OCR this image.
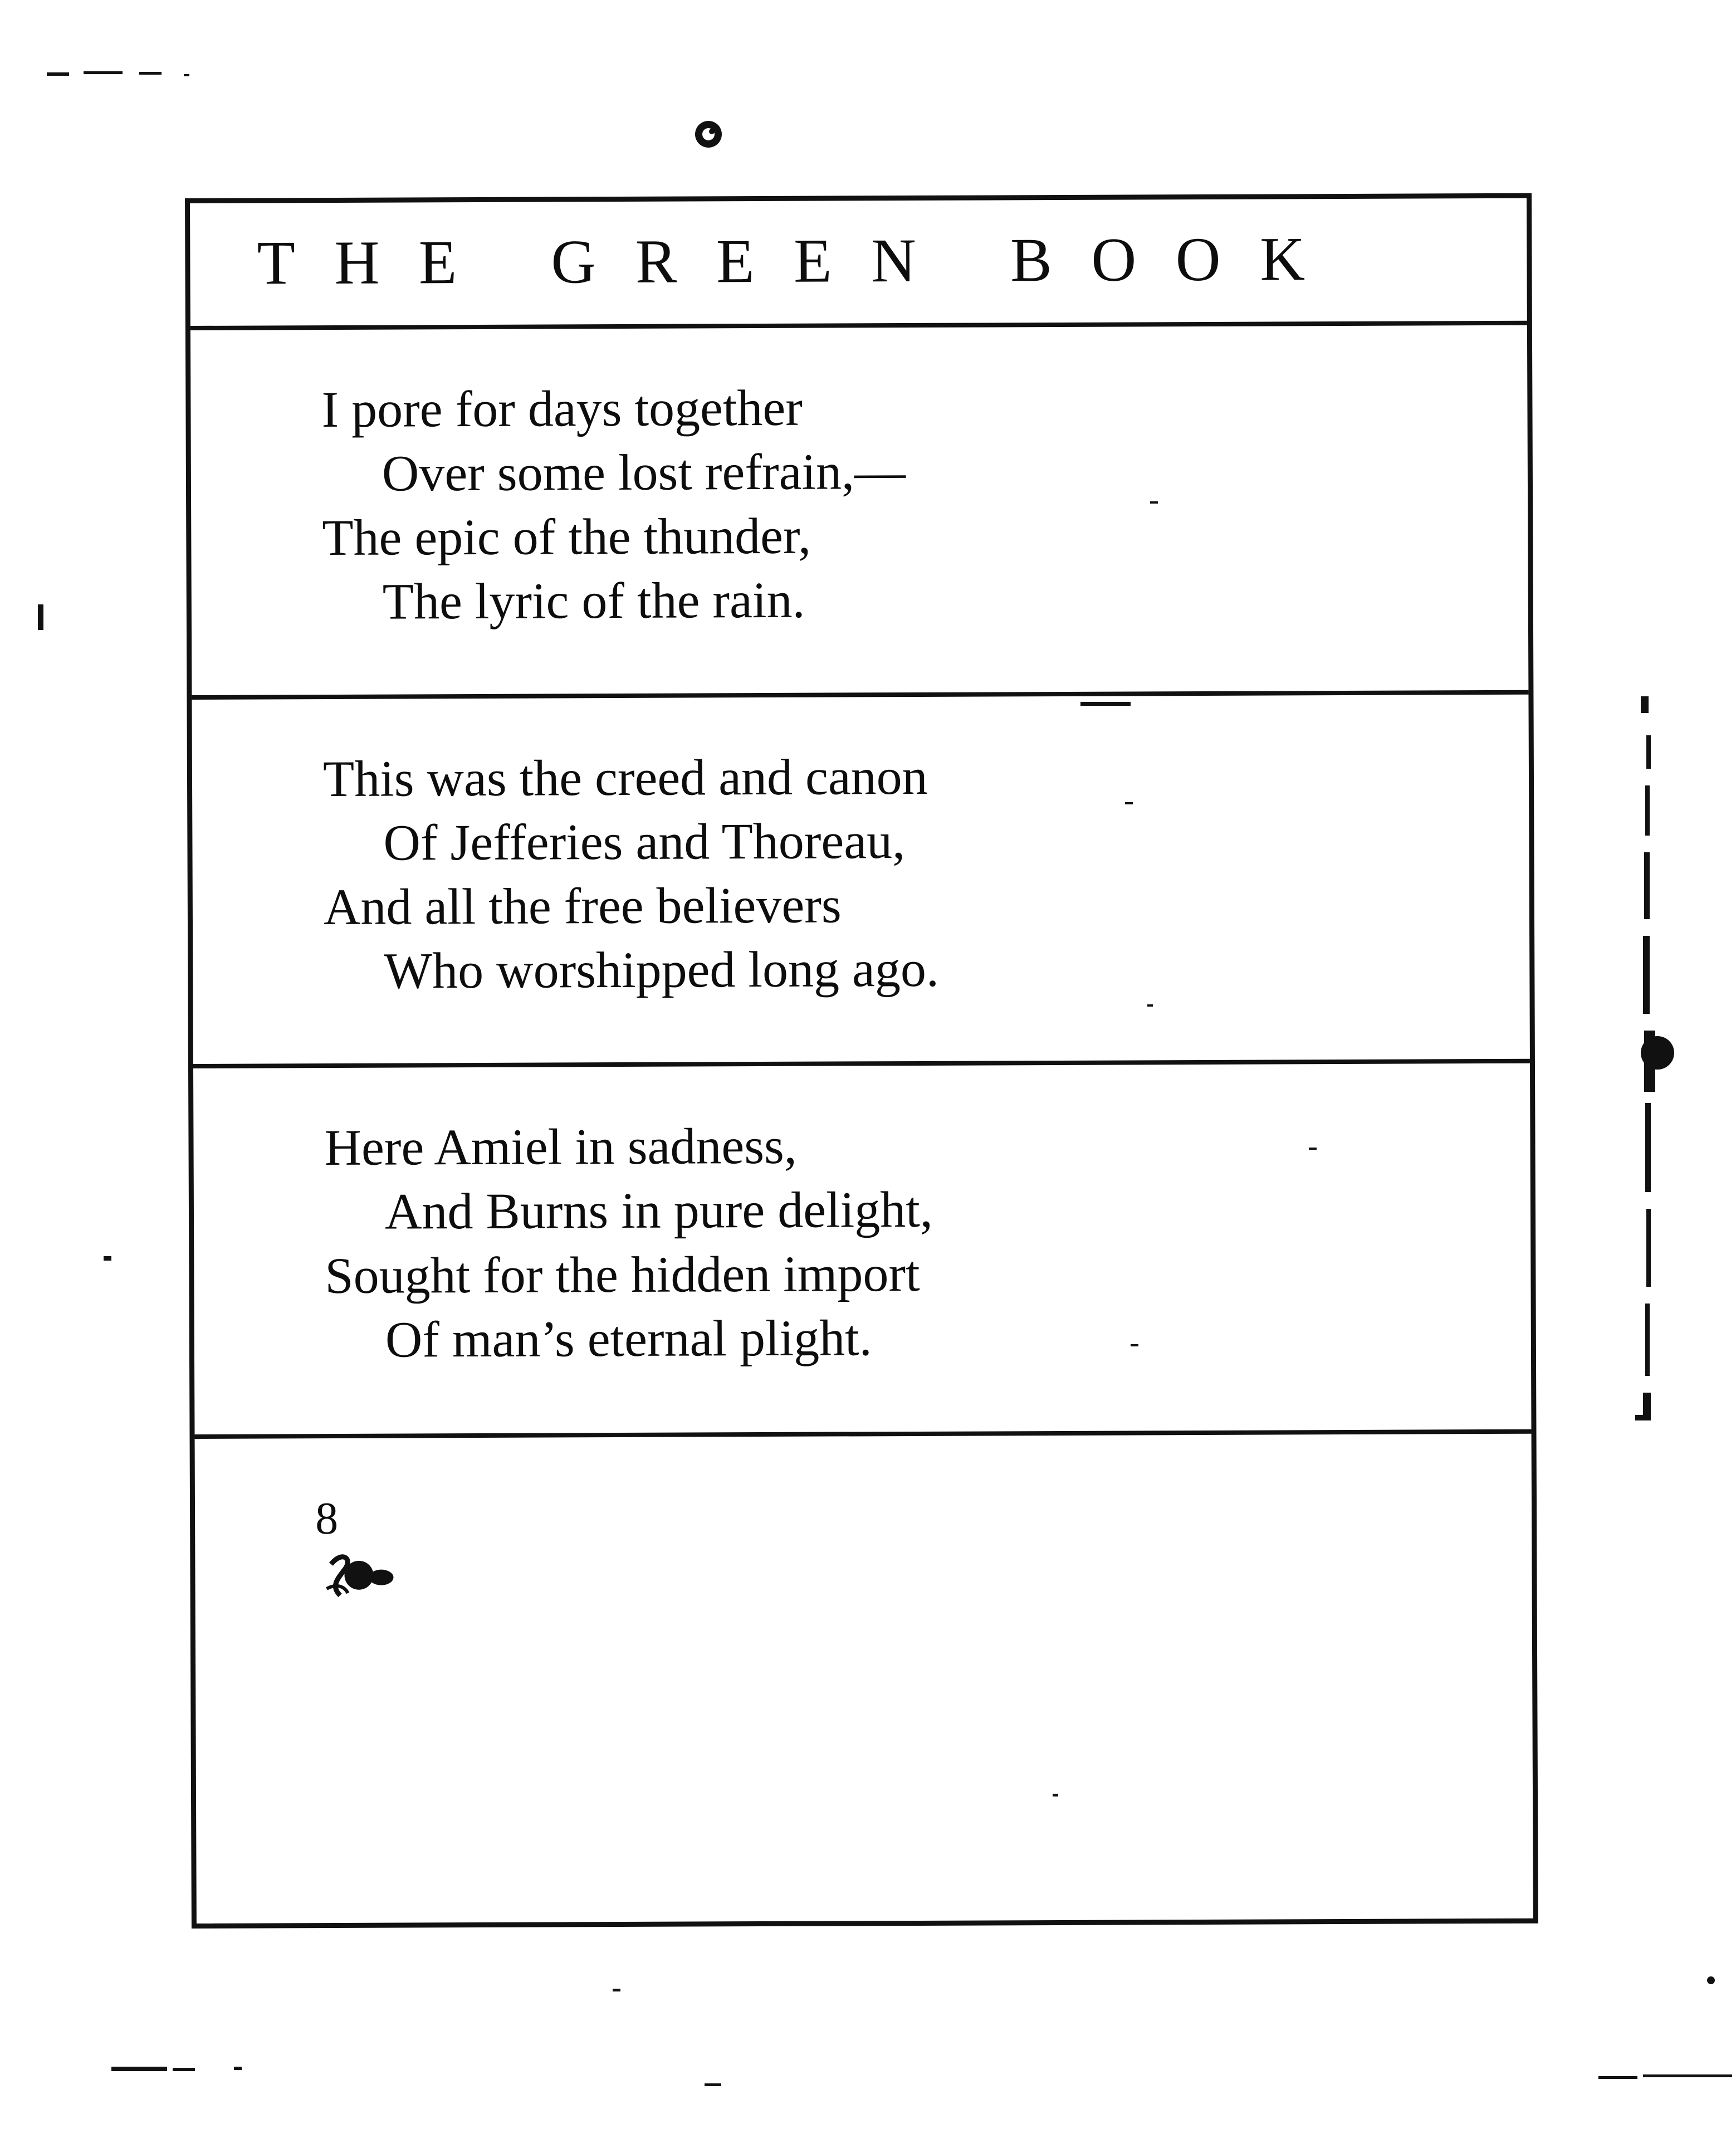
THE GREEN BOOK
I pore for days together
Over some lost refrain,—
The epic of the thunder,
The lyric of the rain.
This was the creed and canon
Of Jefferies and Thoreau,
And all the free believers
Who worshipped long ago.
Here Amiel in sadness,
And Burns in pure delight,
Sought for the hidden import
Of man’s eternal plight.
8
